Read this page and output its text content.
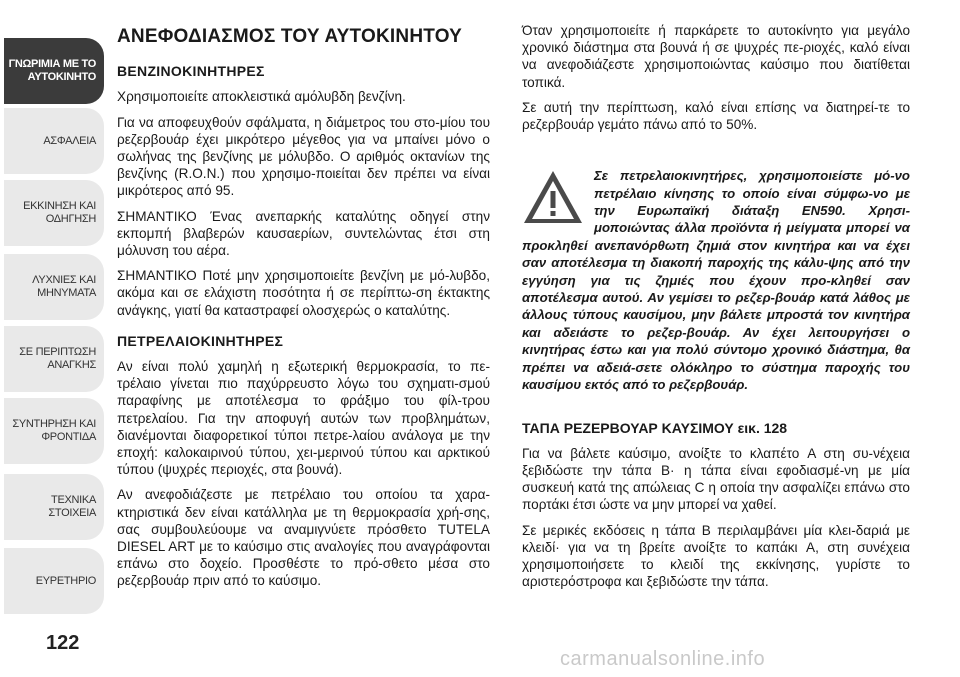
ΓΝΩΡΙΜΙΑ ΜΕ ΤΟ
ΑΥΤΟΚΙΝΗΤΟ
ΑΣΦΑΛΕΙΑ
ΕΚΚΙΝΗΣΗ ΚΑΙ
ΟΔΗΓΗΣΗ
ΛΥΧΝΙΕΣ ΚΑΙ
ΜΗΝΥΜΑΤΑ
ΣΕ ΠΕΡΙΠΤΩΣΗ
ΑΝΑΓΚΗΣ
ΣΥΝΤΗΡΗΣΗ ΚΑΙ
ΦΡΟΝΤΙΔΑ
ΤΕΧΝΙΚΑ ΣΤΟΙΧΕΙΑ
ΕΥΡΕΤΗΡΙΟ
122
ΑΝΕΦΟΔΙΑΣΜΟΣ ΤΟΥ ΑΥΤΟΚΙΝΗΤΟΥ
ΒΕΝΖΙΝΟΚΙΝΗΤΗΡΕΣ

Χρησιμοποιείτε αποκλειστικά αμόλυβδη βενζίνη.

Για να αποφευχθούν σφάλματα, η διάμετρος του στο-μίου του ρεζερβουάρ έχει μικρότερο μέγεθος για να μπαίνει μόνο ο σωλήνας της βενζίνης με μόλυβδο. Ο αριθμός οκτανίων της βενζίνης (R.O.N.) που χρησιμο-ποιείται δεν πρέπει να είναι μικρότερος από 95.

ΣΗΜΑΝΤΙΚΟ Ένας ανεπαρκής καταλύτης οδηγεί στην εκπομπή βλαβερών καυσαερίων, συντελώντας έτσι στη μόλυνση του αέρα.

ΣΗΜΑΝΤΙΚΟ Ποτέ μην χρησιμοποιείτε βενζίνη με μό-λυβδο, ακόμα και σε ελάχιστη ποσότητα ή σε περίπτω-ση έκτακτης ανάγκης, γιατί θα καταστραφεί ολοσχερώς ο καταλύτης.

ΠΕΤΡΕΛΑΙΟΚΙΝΗΤΗΡΕΣ

Αν είναι πολύ χαμηλή η εξωτερική θερμοκρασία, το πε-τρέλαιο γίνεται πιο παχύρρευστο λόγω του σχηματι-σμού παραφίνης με αποτέλεσμα το φράξιμο του φίλ-τρου πετρελαίου. Για την αποφυγή αυτών των προβλημάτων, διανέμονται διαφορετικοί τύποι πετρε-λαίου ανάλογα με την εποχή: καλοκαιρινού τύπου, χει-μερινού τύπου και αρκτικού τύπου (ψυχρές περιοχές, στα βουνά).

Αν ανεφοδιάζεστε με πετρέλαιο του οποίου τα χαρα-κτηριστικά δεν είναι κατάλληλα με τη θερμοκρασία χρή-σης, σας συμβουλεύουμε να αναμιγνύετε πρόσθετο TUTELA DIESEL ART με το καύσιμο στις αναλογίες που αναγράφονται επάνω στο δοχείο. Προσθέστε το πρό-σθετο μέσα στο ρεζερβουάρ πριν από το καύσιμο.

Όταν χρησιμοποιείτε ή παρκάρετε το αυτοκίνητο για μεγάλο χρονικό διάστημα στα βουνά ή σε ψυχρές πε-ριοχές, καλό είναι να ανεφοδιάζεστε χρησιμοποιώντας καύσιμο που διατίθεται τοπικά.

Σε αυτή την περίπτωση, καλό είναι επίσης να διατηρεί-τε το ρεζερβουάρ γεμάτο πάνω από το 50%.

Σε πετρελαιοκινητήρες, χρησιμοποιείστε μό-νο πετρέλαιο κίνησης το οποίο είναι σύμφω-νο με την Ευρωπαϊκή διάταξη EN590. Χρησι-μοποιώντας άλλα προϊόντα ή μείγματα μπορεί να προκληθεί ανεπανόρθωτη ζημιά στον κινητήρα και να έχει σαν αποτέλεσμα τη διακοπή παροχής της κάλυ-ψης από την εγγύηση για τις ζημιές που έχουν προ-κληθεί σαν αποτέλεσμα αυτού. Αν γεμίσει το ρεζερ-βουάρ κατά λάθος με άλλους τύπους καυσίμου, μην βάλετε μπροστά τον κινητήρα και αδειάστε το ρεζερ-βουάρ. Αν έχει λειτουργήσει ο κινητήρας έστω και για πολύ σύντομο χρονικό διάστημα, θα πρέπει να αδειά-σετε ολόκληρο το σύστημα παροχής του καυσίμου εκτός από το ρεζερβουάρ.
ΤΑΠΑ ΡΕΖΕΡΒΟΥΑΡ ΚΑΥΣΙΜΟΥ εικ. 128

Για να βάλετε καύσιμο, ανοίξτε το κλαπέτο A στη συ-νέχεια ξεβιδώστε την τάπα B· η τάπα είναι εφοδιασμέ-νη με μία συσκευή κατά της απώλειας C η οποία την ασφαλίζει επάνω στο πορτάκι έτσι ώστε να μην μπορεί να χαθεί.

Σε μερικές εκδόσεις η τάπα B περιλαμβάνει μία κλει-δαριά με κλειδί· για να τη βρείτε ανοίξτε το καπάκι A, στη συνέχεια χρησιμοποιήσετε το κλειδί της εκκίνησης, γυρίστε το αριστερόστροφα και ξεβιδώστε την τάπα.

carmanualsonline.info
